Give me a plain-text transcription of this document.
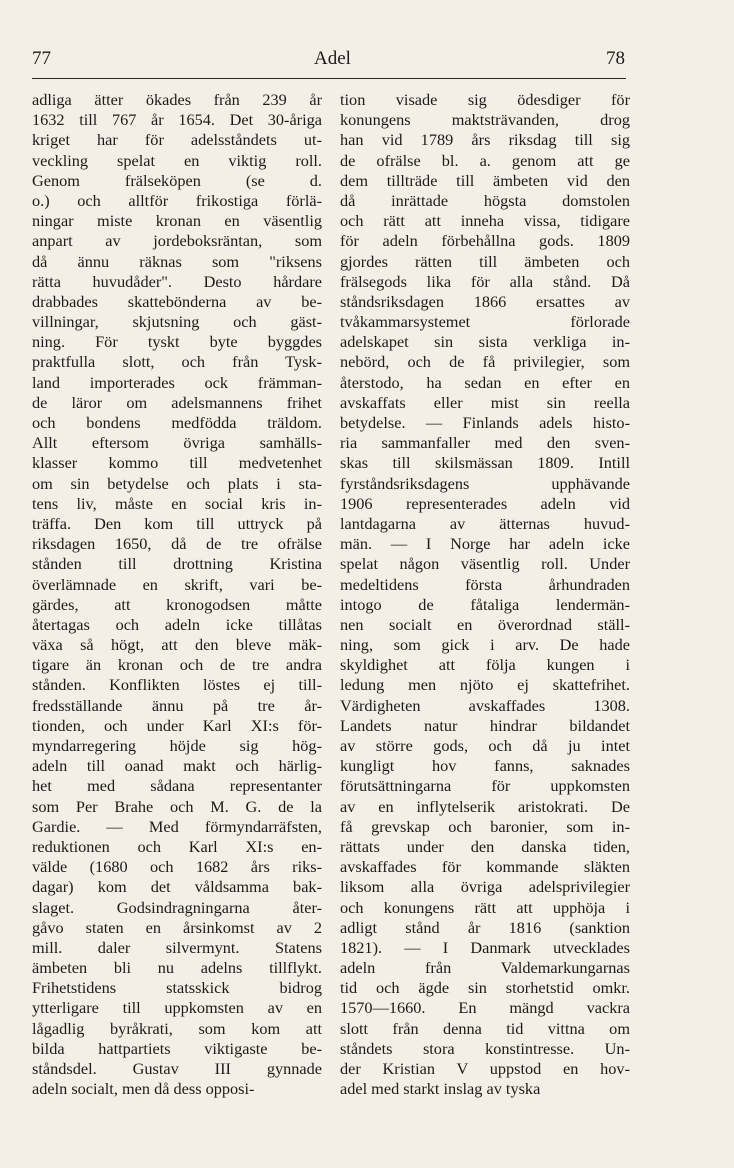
77	Adel	78
adliga ätter ökades från 239 år
1632 till 767 år 1654. Det 30-åriga
kriget har för adelsståndets ut-
veckling spelat en viktig roll.
Genom frälseköpen (se d.
o.) och alltför frikostiga förlä-
ningar miste kronan en väsentlig
anpart av jordeboksräntan, som
då ännu räknas som "riksens
rätta huvudåder". Desto hårdare
drabbades skattebönderna av be-
villningar, skjutsning och gäst-
ning. För tyskt byte byggdes
praktfulla slott, och från Tysk-
land importerades ock främman-
de läror om adelsmannens frihet
och bondens medfödda träldom.
Allt eftersom övriga samhälls-
klasser kommo till medvetenhet
om sin betydelse och plats i sta-
tens liv, måste en social kris in-
träffa. Den kom till uttryck på
riksdagen 1650, då de tre ofrälse
stånden till drottning Kristina
överlämnade en skrift, vari be-
gärdes, att kronogodsen måtte
återtagas och adeln icke tillåtas
växa så högt, att den bleve mäk-
tigare än kronan och de tre andra
stånden. Konflikten löstes ej till-
fredsställande ännu på tre år-
tionden, och under Karl XI:s för-
myndarregering höjde sig hög-
adeln till oanad makt och härlig-
het med sådana representanter
som Per Brahe och M. G. de la
Gardie. — Med förmyndarräfsten,
reduktionen och Karl XI:s en-
välde (1680 och 1682 års riks-
dagar) kom det våldsamma bak-
slaget. Godsindragningarna åter-
gåvo staten en årsinkomst av 2
mill. daler silvermynt. Statens
ämbeten bli nu adelns tillflykt.
Frihetstidens statsskick bidrog
ytterligare till uppkomsten av en
lågadlig byråkrati, som kom att
bilda hattpartiets viktigaste be-
ståndsdel. Gustav III gynnade
adeln socialt, men då dess opposi-
tion visade sig ödesdiger för
konungens maktsträvanden, drog
han vid 1789 års riksdag till sig
de ofrälse bl. a. genom att ge
dem tillträde till ämbeten vid den
då inrättade högsta domstolen
och rätt att inneha vissa, tidigare
för adeln förbehållna gods. 1809
gjordes rätten till ämbeten och
frälsegods lika för alla stånd. Då
ståndsriksdagen 1866 ersattes av
tvåkammarsystemet förlorade
adelskapet sin sista verkliga in-
nebörd, och de få privilegier, som
återstodo, ha sedan en efter en
avskaffats eller mist sin reella
betydelse. — Finlands adels histo-
ria sammanfaller med den sven-
skas till skilsmässan 1809. Intill
fyrståndsriksdagens upphävande
1906 representerades adeln vid
lantdagarna av ätternas huvud-
män. — I Norge har adeln icke
spelat någon väsentlig roll. Under
medeltidens första århundraden
intogo de fåtaliga lendermän-
nen socialt en överordnad ställ-
ning, som gick i arv. De hade
skyldighet att följa kungen i
ledung men njöto ej skattefrihet.
Värdigheten avskaffades 1308.
Landets natur hindrar bildandet
av större gods, och då ju intet
kungligt hov fanns, saknades
förutsättningarna för uppkomsten
av en inflytelserik aristokrati. De
få grevskap och baronier, som in-
rättats under den danska tiden,
avskaffades för kommande släkten
liksom alla övriga adelsprivilegier
och konungens rätt att upphöja i
adligt stånd år 1816 (sanktion
1821). — I Danmark utvecklades
adeln från Valdemarkungarnas
tid och ägde sin storhetstid omkr.
1570—1660. En mängd vackra
slott från denna tid vittna om
ståndets stora konstintresse. Un-
der Kristian V uppstod en hov-
adel med starkt inslag av tyska
